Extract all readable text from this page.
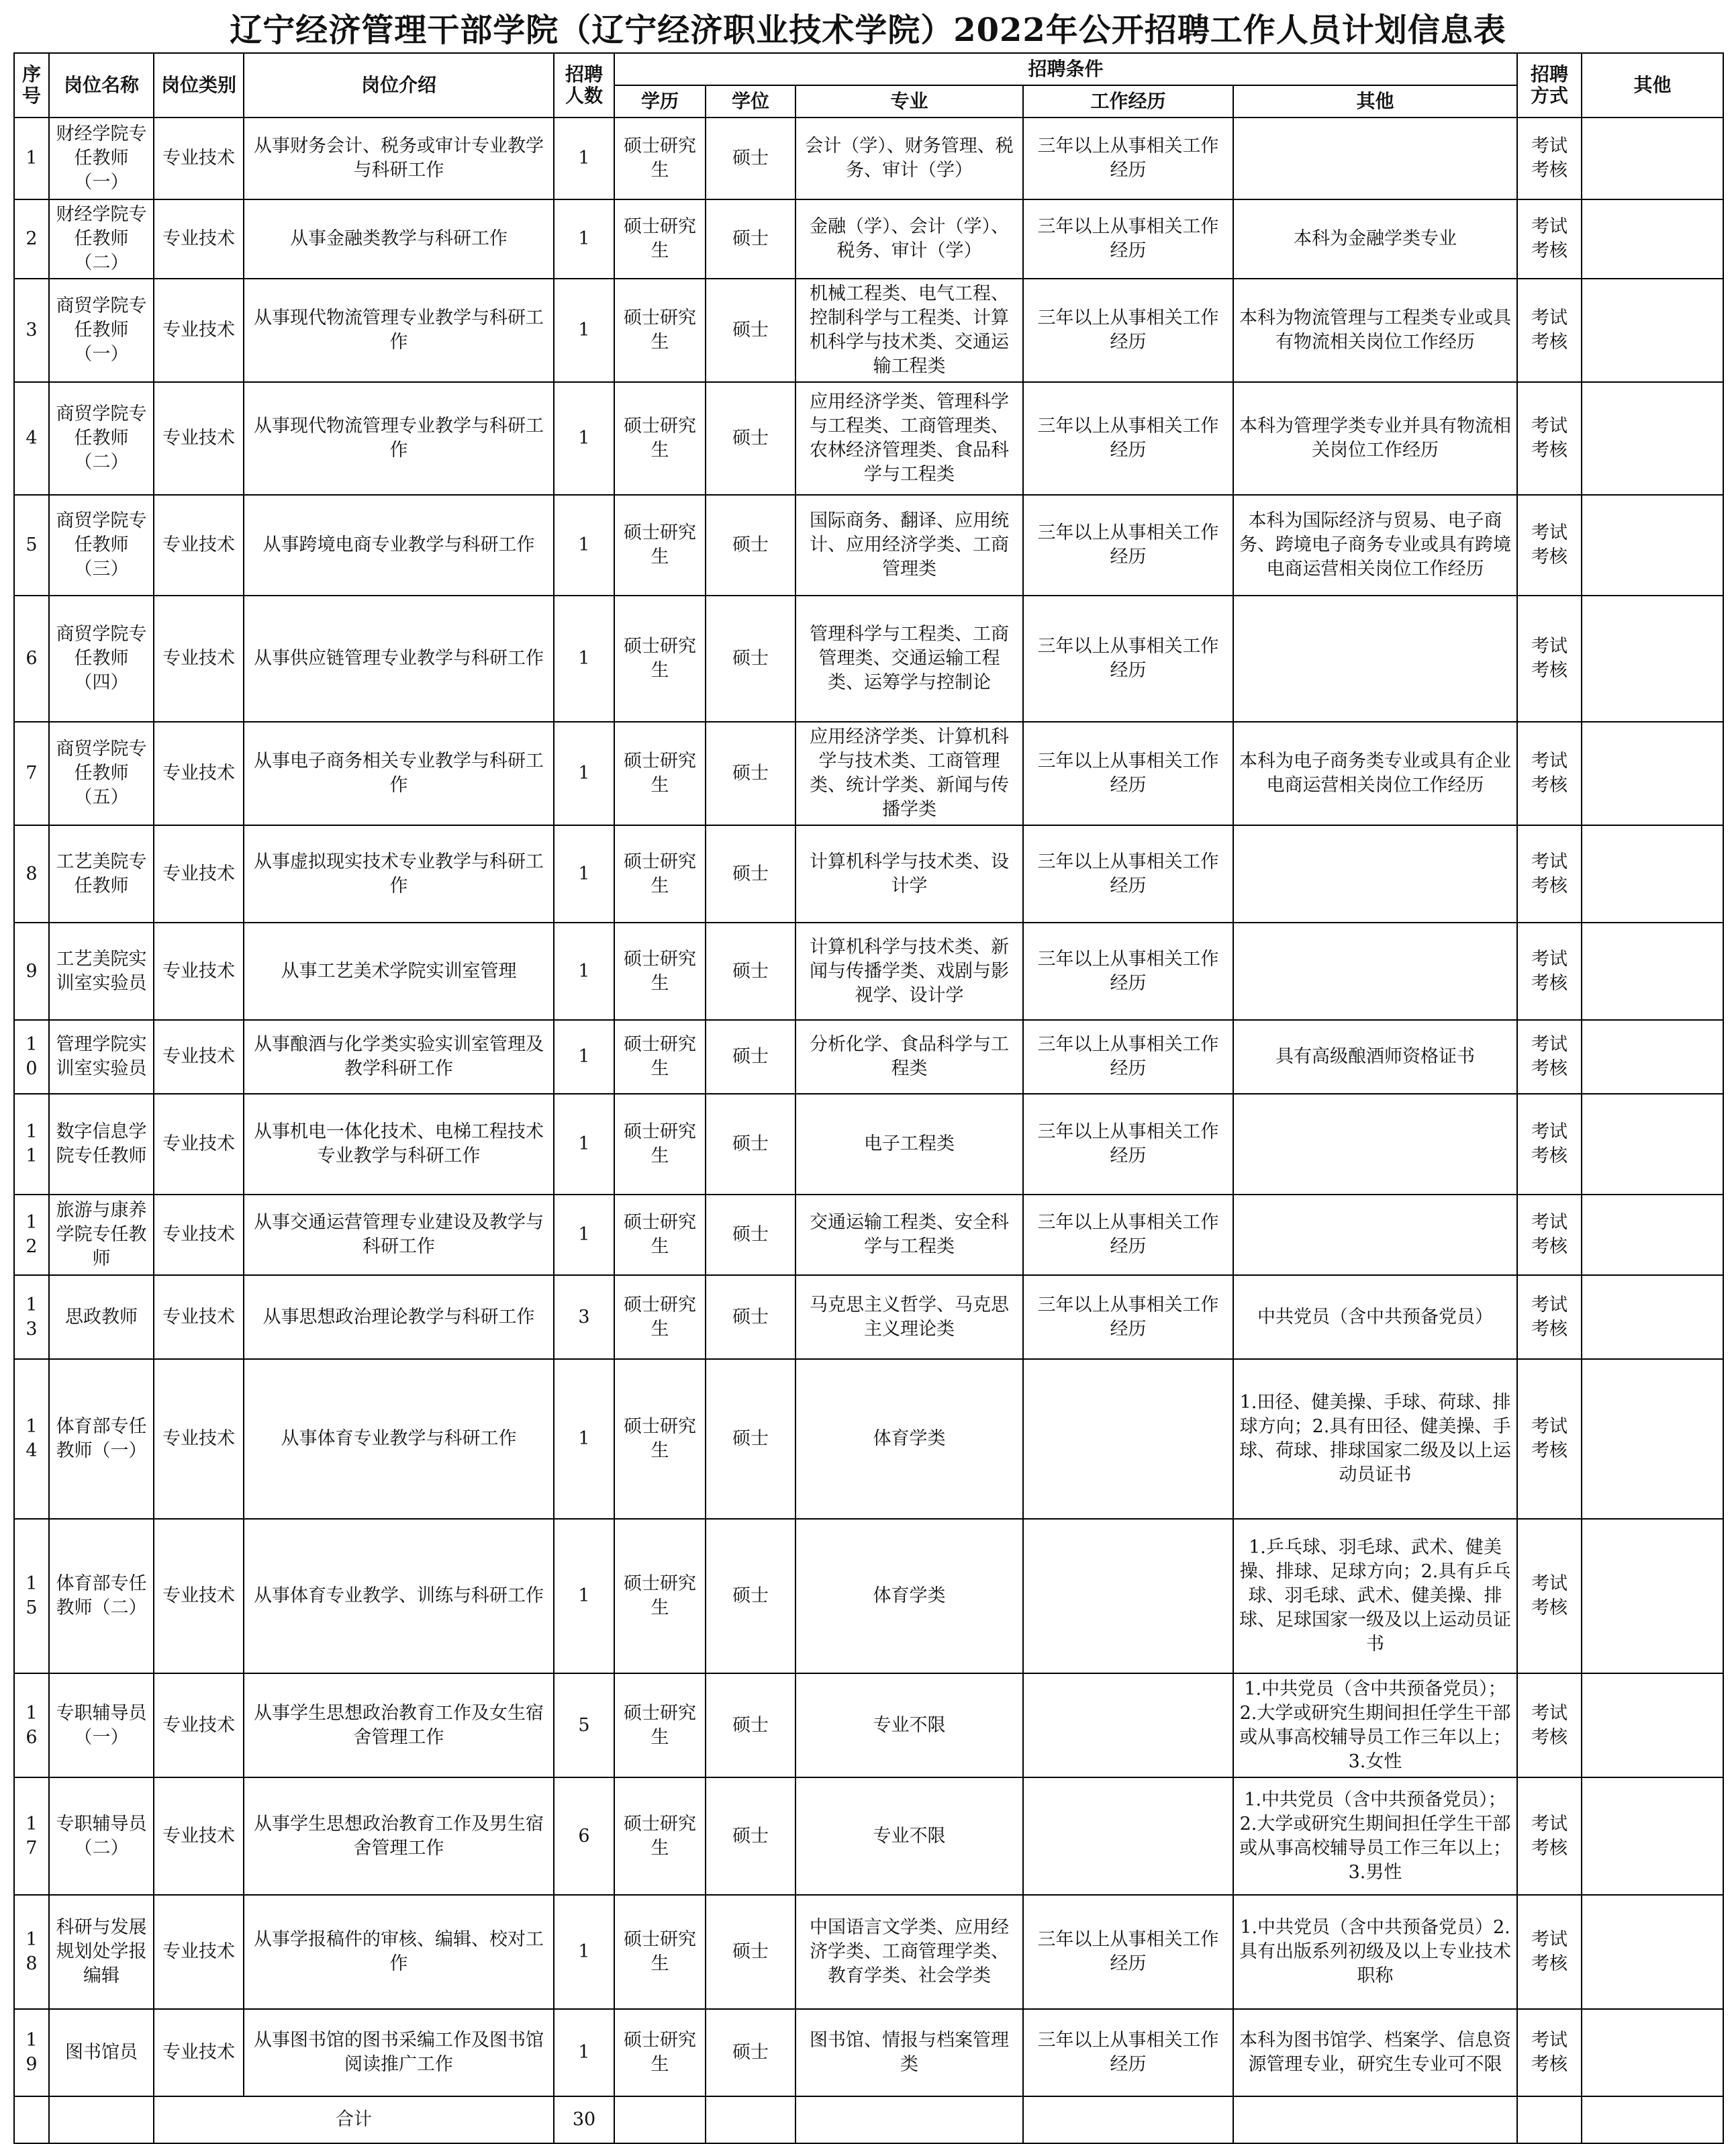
辽宁经济管理干部学院（辽宁经济职业技术学院）2022年公开招聘工作人员计划信息表
序号	岗位名称	岗位类别	岗位介绍	招聘人数	招聘条件					招聘方式	其他
					学历	学位	专业	工作经历	其他		
1	财经学院专任教师（一）	专业技术	从事财务会计、税务或审计专业教学与科研工作	1	硕士研究生	硕士	会计（学）、财务管理、税务、审计（学）	三年以上从事相关工作经历		考试考核	
2	财经学院专任教师（二）	专业技术	从事金融类教学与科研工作	1	硕士研究生	硕士	金融（学）、会计（学）、税务、审计（学）	三年以上从事相关工作经历	本科为金融学类专业	考试考核	
3	商贸学院专任教师（一）	专业技术	从事现代物流管理专业教学与科研工作	1	硕士研究生	硕士	机械工程类、电气工程、控制科学与工程类、计算机科学与技术类、交通运输工程类	三年以上从事相关工作经历	本科为物流管理与工程类专业或具有物流相关岗位工作经历	考试考核	
4	商贸学院专任教师（二）	专业技术	从事现代物流管理专业教学与科研工作	1	硕士研究生	硕士	应用经济学类、管理科学与工程类、工商管理类、农林经济管理类、食品科学与工程类	三年以上从事相关工作经历	本科为管理学类专业并具有物流相关岗位工作经历	考试考核	
5	商贸学院专任教师（三）	专业技术	从事跨境电商专业教学与科研工作	1	硕士研究生	硕士	国际商务、翻译、应用统计、应用经济学类、工商管理类	三年以上从事相关工作经历	本科为国际经济与贸易、电子商务、跨境电子商务专业或具有跨境电商运营相关岗位工作经历	考试考核	
6	商贸学院专任教师（四）	专业技术	从事供应链管理专业教学与科研工作	1	硕士研究生	硕士	管理科学与工程类、工商管理类、交通运输工程类、运筹学与控制论	三年以上从事相关工作经历		考试考核	
7	商贸学院专任教师（五）	专业技术	从事电子商务相关专业教学与科研工作	1	硕士研究生	硕士	应用经济学类、计算机科学与技术类、工商管理类、统计学类、新闻与传播学类	三年以上从事相关工作经历	本科为电子商务类专业或具有企业电商运营相关岗位工作经历	考试考核	
8	工艺美院专任教师	专业技术	从事虚拟现实技术专业教学与科研工作	1	硕士研究生	硕士	计算机科学与技术类、设计学	三年以上从事相关工作经历		考试考核	
9	工艺美院实训室实验员	专业技术	从事工艺美术学院实训室管理	1	硕士研究生	硕士	计算机科学与技术类、新闻与传播学类、戏剧与影视学、设计学	三年以上从事相关工作经历		考试考核	
10	管理学院实训室实验员	专业技术	从事酿酒与化学类实验实训室管理及教学科研工作	1	硕士研究生	硕士	分析化学、食品科学与工程类	三年以上从事相关工作经历	具有高级酿酒师资格证书	考试考核	
11	数字信息学院专任教师	专业技术	从事机电一体化技术、电梯工程技术专业教学与科研工作	1	硕士研究生	硕士	电子工程类	三年以上从事相关工作经历		考试考核	
12	旅游与康养学院专任教师	专业技术	从事交通运营管理专业建设及教学与科研工作	1	硕士研究生	硕士	交通运输工程类、安全科学与工程类	三年以上从事相关工作经历		考试考核	
13	思政教师	专业技术	从事思想政治理论教学与科研工作	3	硕士研究生	硕士	马克思主义哲学、马克思主义理论类	三年以上从事相关工作经历	中共党员（含中共预备党员）	考试考核	
14	体育部专任教师（一）	专业技术	从事体育专业教学与科研工作	1	硕士研究生	硕士	体育学类		1.田径、健美操、手球、荷球、排球方向；2.具有田径、健美操、手球、荷球、排球国家二级及以上运动员证书	考试考核	
15	体育部专任教师（二）	专业技术	从事体育专业教学、训练与科研工作	1	硕士研究生	硕士	体育学类		1.乒乓球、羽毛球、武术、健美操、排球、足球方向；2.具有乒乓球、羽毛球、武术、健美操、排球、足球国家一级及以上运动员证书	考试考核	
16	专职辅导员（一）	专业技术	从事学生思想政治教育工作及女生宿舍管理工作	5	硕士研究生	硕士	专业不限		1.中共党员（含中共预备党员）；2.大学或研究生期间担任学生干部或从事高校辅导员工作三年以上；3.女性	考试考核	
17	专职辅导员（二）	专业技术	从事学生思想政治教育工作及男生宿舍管理工作	6	硕士研究生	硕士	专业不限		1.中共党员（含中共预备党员）；2.大学或研究生期间担任学生干部或从事高校辅导员工作三年以上；3.男性	考试考核	
18	科研与发展规划处学报编辑	专业技术	从事学报稿件的审核、编辑、校对工作	1	硕士研究生	硕士	中国语言文学类、应用经济学类、工商管理学类、教育学类、社会学类	三年以上从事相关工作经历	1.中共党员（含中共预备党员）2.具有出版系列初级及以上专业技术职称	考试考核	
19	图书馆员	专业技术	从事图书馆的图书采编工作及图书馆阅读推广工作	1	硕士研究生	硕士	图书馆、情报与档案管理类	三年以上从事相关工作经历	本科为图书馆学、档案学、信息资源管理专业，研究生专业可不限	考试考核	
		合计		30							
